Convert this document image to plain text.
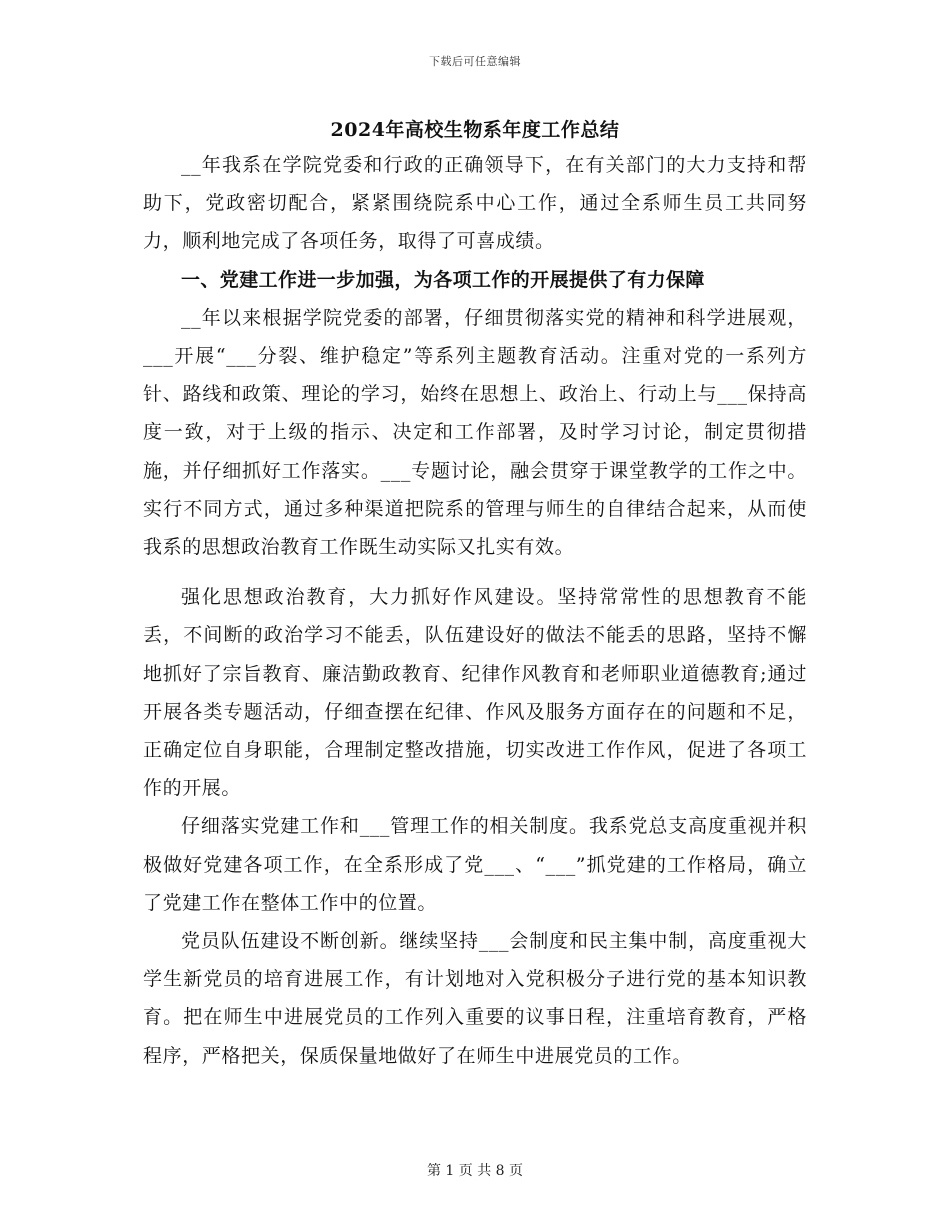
下载后可任意编辑
2024年高校生物系年度工作总结

__年我系在学院党委和行政的正确领导下，在有关部门的大力支持和帮助下，党政密切配合，紧紧围绕院系中心工作，通过全系师生员工共同努力，顺利地完成了各项任务，取得了可喜成绩。

一、党建工作进一步加强，为各项工作的开展提供了有力保障

__年以来根据学院党委的部署，仔细贯彻落实党的精神和科学进展观，___开展“___分裂、维护稳定”等系列主题教育活动。注重对党的一系列方针、路线和政策、理论的学习，始终在思想上、政治上、行动上与___保持高度一致，对于上级的指示、决定和工作部署，及时学习讨论，制定贯彻措施，并仔细抓好工作落实。___专题讨论，融会贯穿于课堂教学的工作之中。实行不同方式，通过多种渠道把院系的管理与师生的自律结合起来，从而使我系的思想政治教育工作既生动实际又扎实有效。

强化思想政治教育，大力抓好作风建设。坚持常常性的思想教育不能丢，不间断的政治学习不能丢，队伍建设好的做法不能丢的思路，坚持不懈地抓好了宗旨教育、廉洁勤政教育、纪律作风教育和老师职业道德教育;通过开展各类专题活动，仔细查摆在纪律、作风及服务方面存在的问题和不足，正确定位自身职能，合理制定整改措施，切实改进工作作风，促进了各项工作的开展。

仔细落实党建工作和___管理工作的相关制度。我系党总支高度重视并积极做好党建各项工作，在全系形成了党___、“___”抓党建的工作格局，确立了党建工作在整体工作中的位置。

党员队伍建设不断创新。继续坚持___会制度和民主集中制，高度重视大学生新党员的培育进展工作，有计划地对入党积极分子进行党的基本知识教育。把在师生中进展党员的工作列入重要的议事日程，注重培育教育，严格程序，严格把关，保质保量地做好了在师生中进展党员的工作。

第 1 页 共 8 页
